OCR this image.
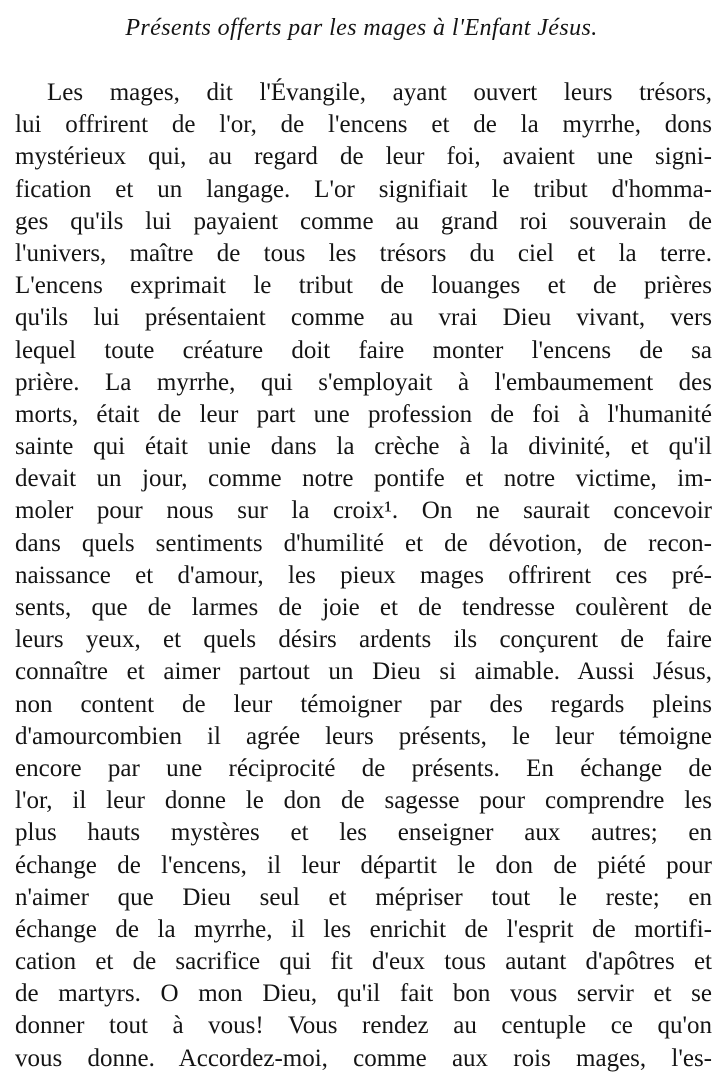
Présents offerts par les mages à l'Enfant Jésus.
Les mages, dit l'Évangile, ayant ouvert leurs trésors,
lui offrirent de l'or, de l'encens et de la myrrhe, dons
mystérieux qui, au regard de leur foi, avaient une signi-
fication et un langage. L'or signifiait le tribut d'homma-
ges qu'ils lui payaient comme au grand roi souverain de
l'univers, maître de tous les trésors du ciel et la terre.
L'encens exprimait le tribut de louanges et de prières
qu'ils lui présentaient comme au vrai Dieu vivant, vers
lequel toute créature doit faire monter l'encens de sa
prière. La myrrhe, qui s'employait à l'embaumement des
morts, était de leur part une profession de foi à l'humanité
sainte qui était unie dans la crèche à la divinité, et qu'il
devait un jour, comme notre pontife et notre victime, im-
moler pour nous sur la croix¹. On ne saurait concevoir
dans quels sentiments d'humilité et de dévotion, de recon-
naissance et d'amour, les pieux mages offrirent ces pré-
sents, que de larmes de joie et de tendresse coulèrent de
leurs yeux, et quels désirs ardents ils conçurent de faire
connaître et aimer partout un Dieu si aimable. Aussi Jésus,
non content de leur témoigner par des regards pleins
d'amourcombien il agrée leurs présents, le leur témoigne
encore par une réciprocité de présents. En échange de
l'or, il leur donne le don de sagesse pour comprendre les
plus hauts mystères et les enseigner aux autres; en
échange de l'encens, il leur départit le don de piété pour
n'aimer que Dieu seul et mépriser tout le reste; en
échange de la myrrhe, il les enrichit de l'esprit de mortifi-
cation et de sacrifice qui fit d'eux tous autant d'apôtres et
de martyrs. O mon Dieu, qu'il fait bon vous servir et se
donner tout à vous! Vous rendez au centuple ce qu'on
vous donne. Accordez-moi, comme aux rois mages, l'es-
